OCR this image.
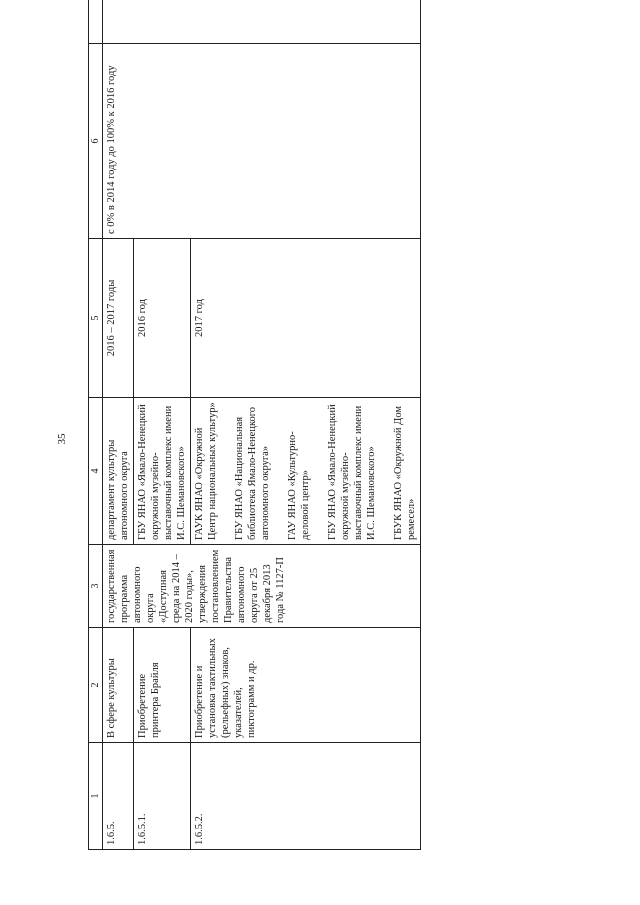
35
1	2	3	4	5	6	
1.6.5.	В сфере культуры	государственная программа автономного округа «Доступная среда на 2014 – 2020 годы», утверждения постановлением Правительства автономного округа от 25 декабря 2013 года № 1127-П	департамент культуры автономного округа	2016 – 2017 годы	с 0% в 2014 году до 100% к 2016 году	
1.6.5.1.	Приобретение принтера Брайля		ГБУ ЯНАО «Ямало-Ненецкий окружной музейно-выставочный комплекс имени И.С. Шемановского»	2016 год		
1.6.5.2.	Приобретение и установка тактильных (рельефных) знаков, указателей, пиктограмм и др.		ГАУК ЯНАО «Окружной Центр национальных культур» ГБУ ЯНАО «Национальная библиотека Ямало-Ненецкого автономного округа» ГАУ ЯНАО «Культурно-деловой центр» ГБУ ЯНАО «Ямало-Ненецкий окружной музейно-выставочный комплекс имени И.С. Шемановского» ГБУК ЯНАО «Окружной Дом ремесел»	2017 год		
